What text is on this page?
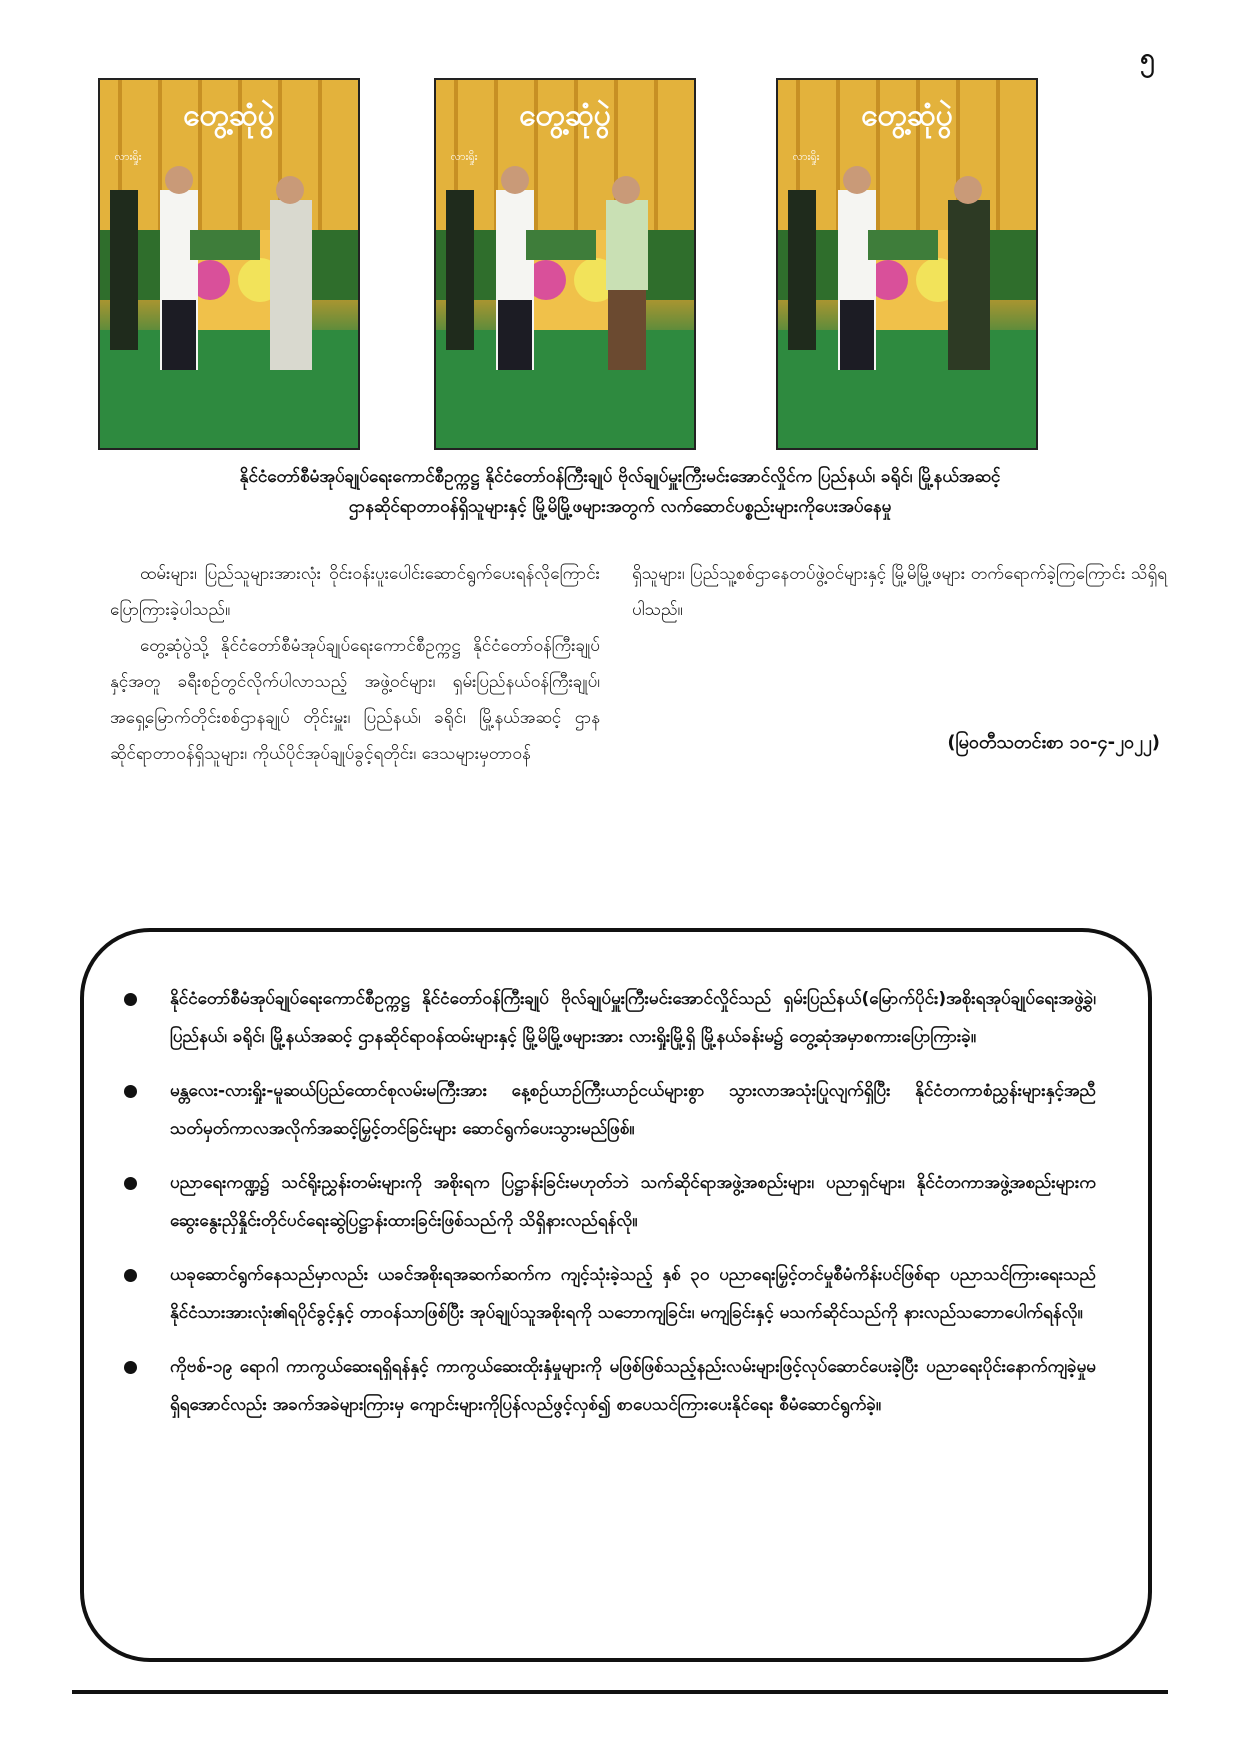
၅
တွေ့ဆုံပွဲ
လားရှိုး
တွေ့ဆုံပွဲ
လားရှိုး
တွေ့ဆုံပွဲ
လားရှိုး
နိုင်ငံတော်စီမံအုပ်ချုပ်ရေးကောင်စီဥက္ကဋ္ဌ နိုင်ငံတော်ဝန်ကြီးချုပ် ဗိုလ်ချုပ်မှူးကြီးမင်းအောင်လှိုင်က ပြည်နယ်၊ ခရိုင်၊ မြို့နယ်အဆင့်
ဌာနဆိုင်ရာတာဝန်ရှိသူများနှင့် မြို့မိမြို့ဖများအတွက် လက်ဆောင်ပစ္စည်းများကိုပေးအပ်နေမှု

ထမ်းများ၊ ပြည်သူများအားလုံး ဝိုင်းဝန်းပူးပေါင်းဆောင်ရွက်ပေးရန်လိုကြောင်း ပြောကြားခဲ့ပါသည်။

တွေ့ဆုံပွဲသို့ နိုင်ငံတော်စီမံအုပ်ချုပ်ရေးကောင်စီဥက္ကဋ္ဌ နိုင်ငံတော်ဝန်ကြီးချုပ်နှင့်အတူ ခရီးစဉ်တွင်လိုက်ပါလာသည့် အဖွဲ့ဝင်များ၊ ရှမ်းပြည်နယ်ဝန်ကြီးချုပ်၊ အရှေ့မြောက်တိုင်းစစ်ဌာနချုပ် တိုင်းမှူး၊ ပြည်နယ်၊ ခရိုင်၊ မြို့နယ်အဆင့် ဌာနဆိုင်ရာတာဝန်ရှိသူများ၊ ကိုယ်ပိုင်အုပ်ချုပ်ခွင့်ရတိုင်း၊ ဒေသများမှတာဝန်

ရှိသူများ၊ ပြည်သူ့စစ်ဌာနေတပ်ဖွဲ့ဝင်များနှင့် မြို့မိမြို့ဖများ တက်ရောက်ခဲ့ကြကြောင်း သိရှိရပါသည်။

(မြဝတီသတင်းစာ ၁၀-၄-၂၀၂၂)
နိုင်ငံတော်စီမံအုပ်ချုပ်ရေးကောင်စီဥက္ကဋ္ဌ နိုင်ငံတော်ဝန်ကြီးချုပ် ဗိုလ်ချုပ်မှူးကြီးမင်းအောင်လှိုင်သည် ရှမ်းပြည်နယ်(မြောက်ပိုင်း)အစိုးရအုပ်ချုပ်ရေးအဖွဲ့ခွဲ၊ ပြည်နယ်၊ ခရိုင်၊ မြို့နယ်အဆင့် ဌာနဆိုင်ရာဝန်ထမ်းများနှင့် မြို့မိမြို့ဖများအား လားရှိုးမြို့ရှိ မြို့နယ်ခန်းမ၌ တွေ့ဆုံအမှာစကားပြောကြားခဲ့။
မန္တလေး-လားရှိုး-မူဆယ်ပြည်ထောင်စုလမ်းမကြီးအား နေ့စဉ်ယာဉ်ကြီးယာဉ်ငယ်များစွာ သွားလာအသုံးပြုလျက်ရှိပြီး နိုင်ငံတကာစံညွှန်းများနှင့်အညီ သတ်မှတ်ကာလအလိုက်အဆင့်မြှင့်တင်ခြင်းများ ဆောင်ရွက်ပေးသွားမည်ဖြစ်။
ပညာရေးကဏ္ဍ၌ သင်ရိုးညွှန်းတမ်းများကို အစိုးရက ပြဋ္ဌာန်းခြင်းမဟုတ်ဘဲ သက်ဆိုင်ရာအဖွဲ့အစည်းများ၊ ပညာရှင်များ၊ နိုင်ငံတကာအဖွဲ့အစည်းများက ဆွေးနွေးညှိနှိုင်းတိုင်ပင်ရေးဆွဲပြဋ္ဌာန်းထားခြင်းဖြစ်သည်ကို သိရှိနားလည်ရန်လို။
ယခုဆောင်ရွက်နေသည်မှာလည်း ယခင်အစိုးရအဆက်ဆက်က ကျင့်သုံးခဲ့သည့် နှစ် ၃၀ ပညာရေးမြှင့်တင်မှုစီမံကိန်းပင်ဖြစ်ရာ ပညာသင်ကြားရေးသည် နိုင်ငံသားအားလုံး၏ရပိုင်ခွင့်နှင့် တာဝန်သာဖြစ်ပြီး အုပ်ချုပ်သူအစိုးရကို သဘောကျခြင်း၊ မကျခြင်းနှင့် မသက်ဆိုင်သည်ကို နားလည်သဘောပေါက်ရန်လို။
ကိုဗစ်-၁၉ ရောဂါ ကာကွယ်ဆေးရရှိရန်နှင့် ကာကွယ်ဆေးထိုးနှံမှုများကို မဖြစ်ဖြစ်သည့်နည်းလမ်းများဖြင့်လုပ်ဆောင်ပေးခဲ့ပြီး ပညာရေးပိုင်းနောက်ကျခဲ့မှုမရှိရအောင်လည်း အခက်အခဲများကြားမှ ကျောင်းများကိုပြန်လည်ဖွင့်လှစ်၍ စာပေသင်ကြားပေးနိုင်ရေး စီမံဆောင်ရွက်ခဲ့။
